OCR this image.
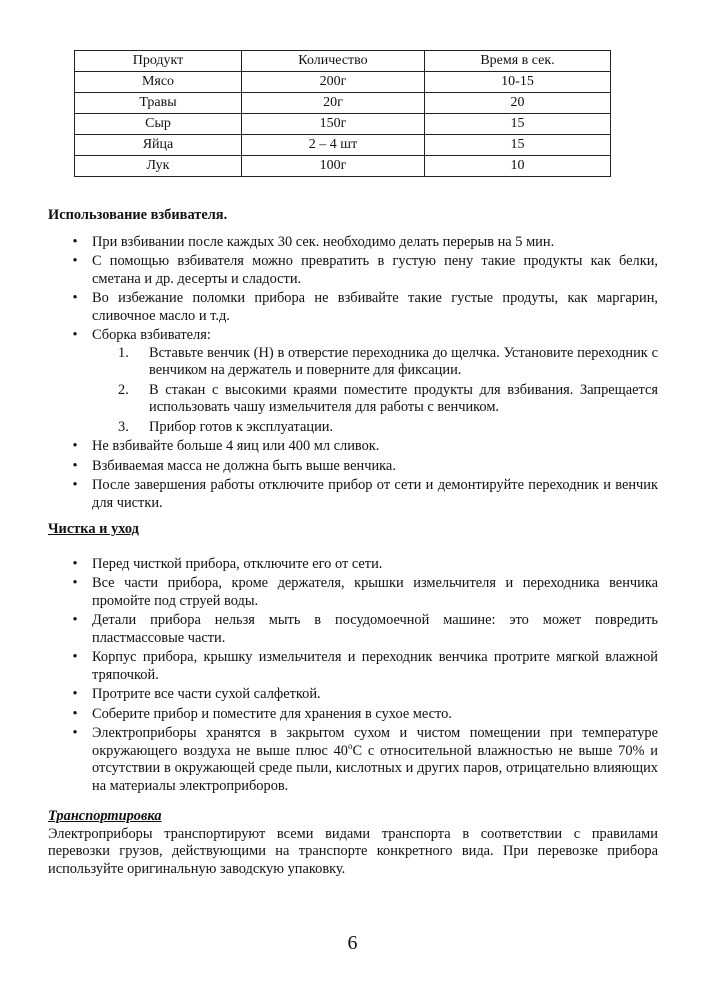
Продукт	Количество	Время в сек.
Мясо	200г	10-15
Травы	20г	20
Сыр	150г	15
Яйца	2 – 4 шт	15
Лук	100г	10
Использование взбивателя.
• При взбивании после каждых 30 сек. необходимо делать перерыв на 5 мин.
• С помощью взбивателя можно превратить в густую пену такие продукты как белки, сметана и др. десерты и сладости.
• Во избежание поломки прибора не взбивайте такие густые продуты, как маргарин, сливочное масло и т.д.
• Сборка взбивателя:
1. Вставьте венчик (Н) в отверстие переходника до щелчка. Установите переходник с венчиком на держатель и поверните для фиксации.
2. В стакан с высокими краями поместите продукты для взбивания. Запрещается использовать чашу измельчителя для работы с венчиком.
3. Прибор готов к эксплуатации.
• Не взбивайте больше 4 яиц или 400 мл сливок.
• Взбиваемая масса не должна быть выше венчика.
• После завершения работы отключите прибор от сети и демонтируйте переходник и венчик для чистки.
Чистка и уход
• Перед чисткой прибора, отключите его от сети.
• Все части прибора, кроме держателя, крышки измельчителя и переходника венчика промойте под струей воды.
• Детали прибора нельзя мыть в посудомоечной машине: это может повредить пластмассовые части.
• Корпус прибора, крышку измельчителя и переходник венчика протрите мягкой влажной тряпочкой.
• Протрите все части сухой салфеткой.
• Соберите прибор и поместите для хранения в сухое место.
• Электроприборы хранятся в закрытом сухом и чистом помещении при температуре окружающего воздуха не выше плюс $40^оС$ с относительной влажностью не выше 70% и отсутствии в окружающей среде пыли, кислотных и других паров, отрицательно влияющих на материалы электроприборов.
Транспортировка
Электроприборы транспортируют всеми видами транспорта в соответствии с правилами перевозки грузов, действующими на транспорте конкретного вида. При перевозке прибора используйте оригинальную заводскую упаковку.
6
